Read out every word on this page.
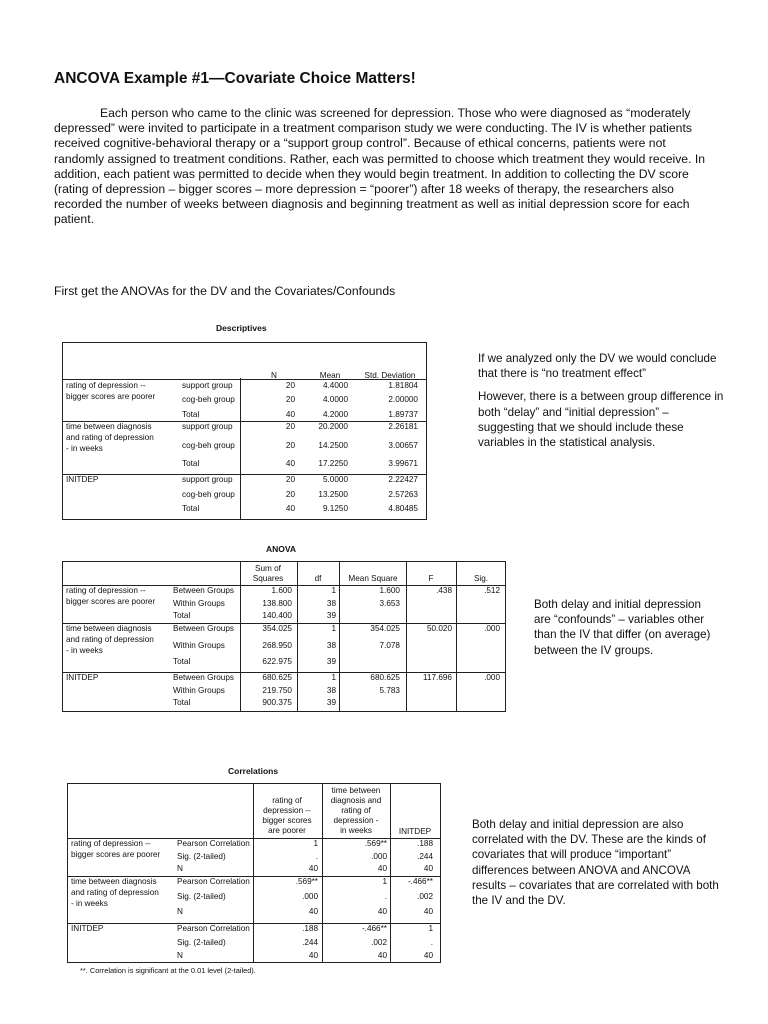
ANCOVA Example #1—Covariate Choice Matters!

Each person who came to the clinic was screened for depression. Those who were diagnosed as “moderately depressed” were invited to participate in a treatment comparison study we were conducting. The IV is whether patients received cognitive-behavioral therapy or a “support group control”. Because of ethical concerns, patients were not randomly assigned to treatment conditions. Rather, each was permitted to choose which treatment they would receive. In addition, each patient was permitted to decide when they would begin treatment. In addition to collecting the DV score (rating of depression – bigger scores – more depression = “poorer”) after 18 weeks of therapy, the researchers also recorded the number of weeks between diagnosis and beginning treatment as well as initial depression score for each patient.

First get the ANOVAs for the DV and the Covariates/Confounds

Descriptives
N	Mean	Std. Deviation
rating of depression --
bigger scores are poorer
support group	20	4.4000	1.81804
cog-beh group	20	4.0000	2.00000
Total	40	4.2000	1.89737
time between diagnosis
and rating of depression
- in weeks
support group	20	20.2000	2.26181
cog-beh group	20	14.2500	3.00657
Total	40	17.2250	3.99671
INITDEP	support group	20	5.0000	2.22427
cog-beh group	20	13.2500	2.57263
Total	40	9.1250	4.80485
ANOVA
Sum of
Squares	df	Mean Square	F	Sig.
rating of depression --
bigger scores are poorer
Between Groups	1.600	1	1.600	.438	.512
Within Groups	138.800	38	3.653
Total	140.400	39
time between diagnosis
and rating of depression
- in weeks
Between Groups	354.025	1	354.025	50.020	.000
Within Groups	268.950	38	7.078
Total	622.975	39
INITDEP	Between Groups	680.625	1	680.625	117.696	.000
Within Groups	219.750	38	5.783
Total	900.375	39
Correlations
rating of
depression --
bigger scores
are poorer
time between
diagnosis and
rating of
depression -
in weeks	INITDEP
rating of depression --
bigger scores are poorer
Pearson Correlation	1	.569**	.188
Sig. (2-tailed)	.	.000	.244
N	40	40	40
time between diagnosis
and rating of depression
- in weeks
Pearson Correlation	.569**	1	-.466**
Sig. (2-tailed)	.000	.	.002
N	40	40	40
INITDEP	Pearson Correlation	.188	-.466**	1
Sig. (2-tailed)	.244	.002	.
N	40	40	40
**. Correlation is significant at the 0.01 level (2-tailed).

If we analyzed only the DV we would conclude that there is “no treatment effect”

However, there is a between group difference in both “delay” and “initial depression” – suggesting that we should include these variables in the statistical analysis.

Both delay and initial depression are “confounds” – variables other than the IV that differ (on average) between the IV groups.

Both delay and initial depression are also correlated with the DV. These are the kinds of covariates that will produce “important” differences between ANOVA and ANCOVA results – covariates that are correlated with both the IV and the DV.
